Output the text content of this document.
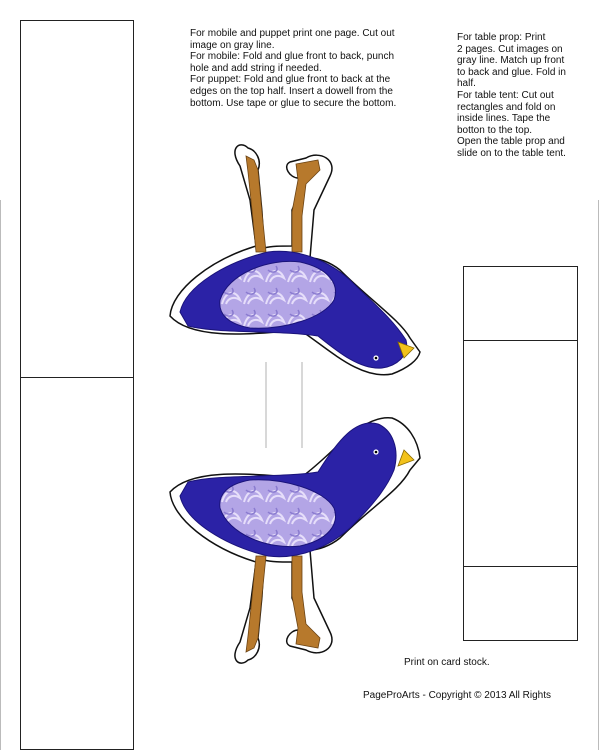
For mobile and puppet print one page. Cut out
image on gray line.
For mobile: Fold and glue front to back, punch
hole and add string if needed.
For puppet: Fold and glue front to back at the
edges on the top half. Insert a dowell from the
bottom. Use tape or glue to secure the bottom.
For table prop: Print
2 pages. Cut images on
gray line. Match up front
to back and glue. Fold in
half.
For table tent: Cut out
rectangles and fold on
inside lines. Tape the
botton to the top.
Open the table prop and
slide on to the table tent.
Print on card stock.
PageProArts - Copyright © 2013 All Rights
